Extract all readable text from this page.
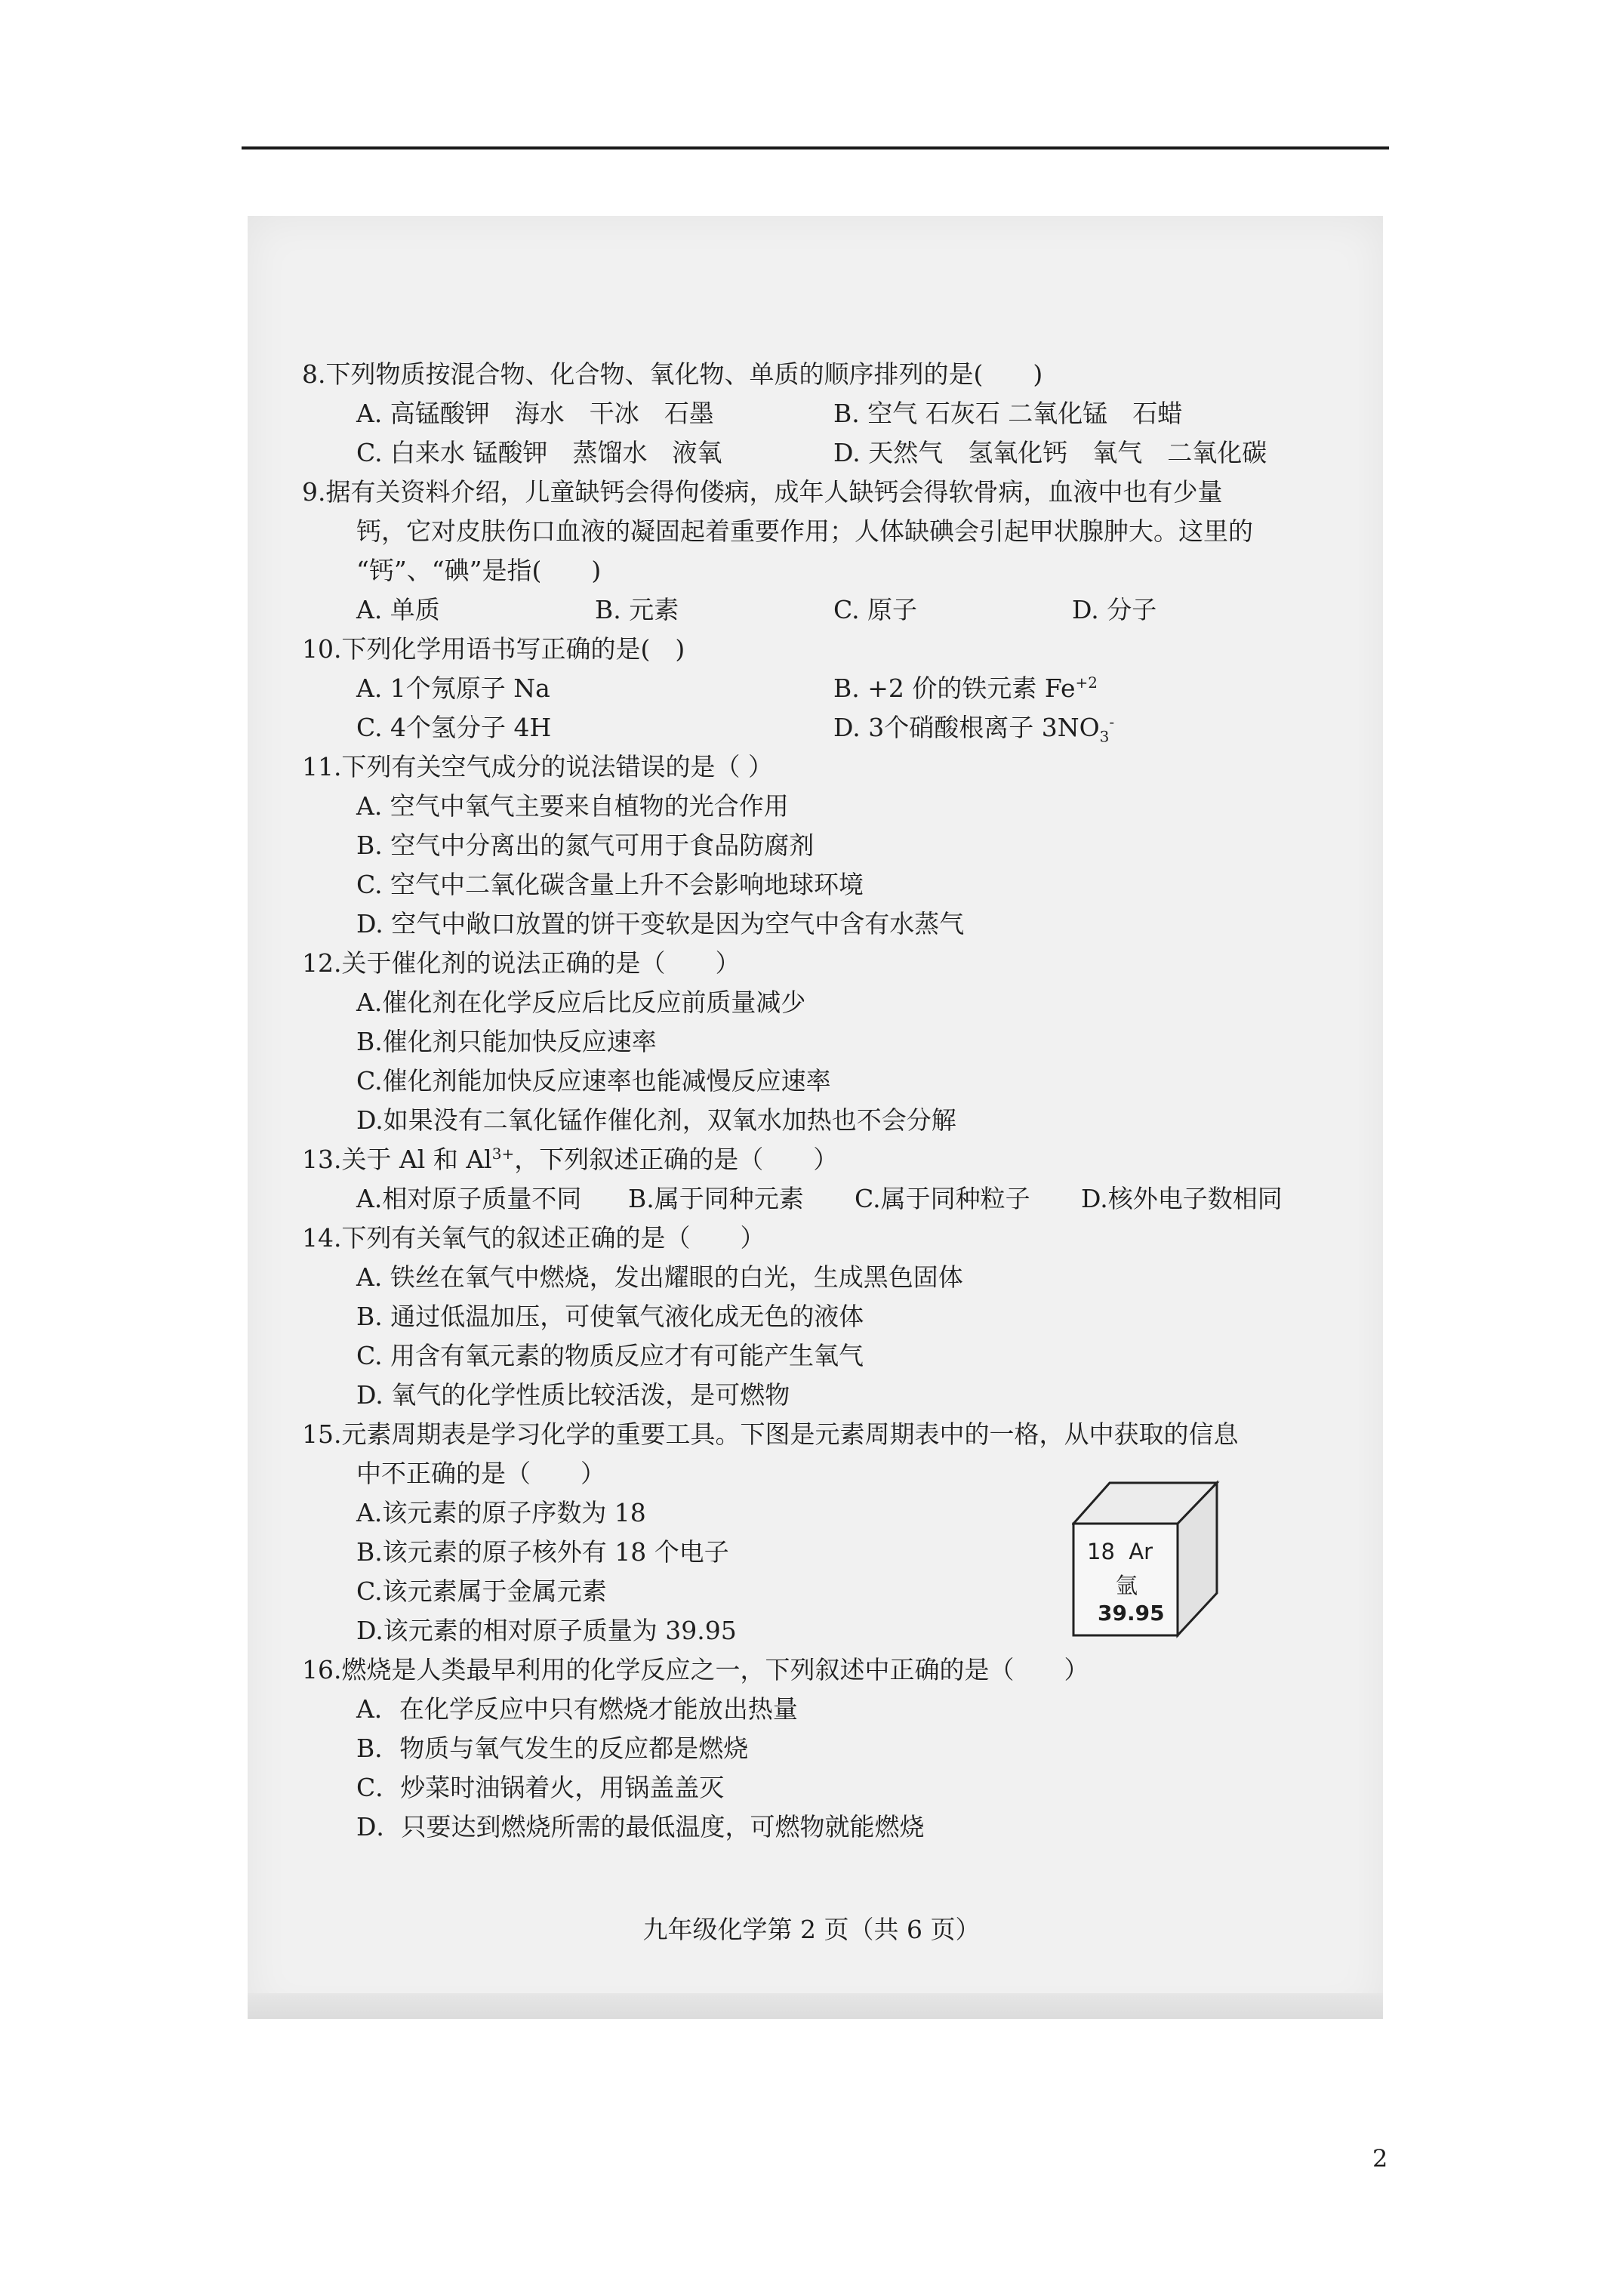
8.下列物质按混合物、化合物、氧化物、单质的顺序排列的是(　　)
A. 高锰酸钾　海水　干冰　石墨	B. 空气 石灰石 二氧化锰　石蜡
C. 白来水 锰酸钾　蒸馏水　液氧	D. 天然气　氢氧化钙　氧气　二氧化碳
9.据有关资料介绍，儿童缺钙会得佝偻病，成年人缺钙会得软骨病，血液中也有少量
钙，它对皮肤伤口血液的凝固起着重要作用；人体缺碘会引起甲状腺肿大。这里的
“钙”、“碘”是指(　　)
A. 单质	B. 元素	C. 原子	D. 分子
10.下列化学用语书写正确的是(　)
A. 1个氖原子 Na	B. +2 价的铁元素 $Fe^{+2}$
C. 4个氢分子 4H	D. 3个硝酸根离子 $3NO_3^-$
11.下列有关空气成分的说法错误的是（ ）
A. 空气中氧气主要来自植物的光合作用
B. 空气中分离出的氮气可用于食品防腐剂
C. 空气中二氧化碳含量上升不会影响地球环境
D. 空气中敞口放置的饼干变软是因为空气中含有水蒸气
12.关于催化剂的说法正确的是（　　）
A.催化剂在化学反应后比反应前质量减少
B.催化剂只能加快反应速率
C.催化剂能加快反应速率也能减慢反应速率
D.如果没有二氧化锰作催化剂，双氧水加热也不会分解
13.关于 Al 和 $Al^{3+}$，下列叙述正确的是（　　）
A.相对原子质量不同	B.属于同种元素	C.属于同种粒子	D.核外电子数相同
14.下列有关氧气的叙述正确的是（　　）
A. 铁丝在氧气中燃烧，发出耀眼的白光，生成黑色固体
B. 通过低温加压，可使氧气液化成无色的液体
C. 用含有氧元素的物质反应才有可能产生氧气
D. 氧气的化学性质比较活泼，是可燃物
15.元素周期表是学习化学的重要工具。下图是元素周期表中的一格，从中获取的信息
中不正确的是（　　）
A.该元素的原子序数为 18
B.该元素的原子核外有 18 个电子
C.该元素属于金属元素
D.该元素的相对原子质量为 39.95
16.燃烧是人类最早利用的化学反应之一，下列叙述中正确的是（　　）
A．在化学反应中只有燃烧才能放出热量
B．物质与氧气发生的反应都是燃烧
C．炒菜时油锅着火，用锅盖盖灭
D．只要达到燃烧所需的最低温度，可燃物就能燃烧
18 Ar
氩
39.95
九年级化学第 2 页（共 6 页）
2
